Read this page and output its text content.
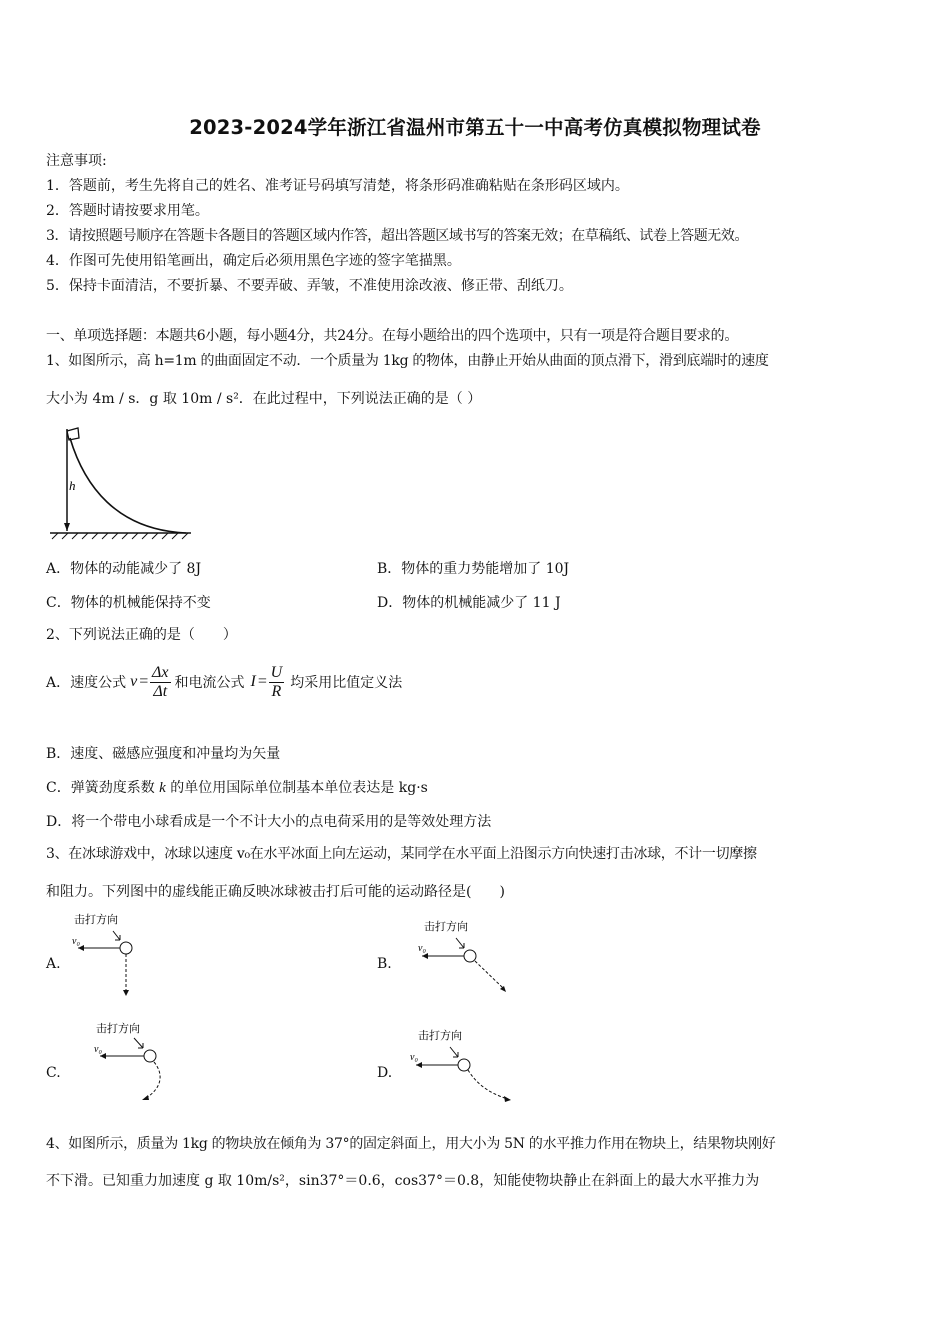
2023-2024学年浙江省温州市第五十一中高考仿真模拟物理试卷
注意事项:
1．答题前，考生先将自己的姓名、准考证号码填写清楚，将条形码准确粘贴在条形码区域内。
2．答题时请按要求用笔。
3．请按照题号顺序在答题卡各题目的答题区域内作答，超出答题区域书写的答案无效；在草稿纸、试卷上答题无效。
4．作图可先使用铅笔画出，确定后必须用黑色字迹的签字笔描黑。
5．保持卡面清洁，不要折暴、不要弄破、弄皱，不准使用涂改液、修正带、刮纸刀。
一、单项选择题：本题共6小题，每小题4分，共24分。在每小题给出的四个选项中，只有一项是符合题目要求的。
1、如图所示，高 h=1m 的曲面固定不动．一个质量为 1kg 的物体，由静止开始从曲面的顶点滑下，滑到底端时的速度
大小为 4m / s．g 取 10m / s²．在此过程中，下列说法正确的是（ ）
h
A．物体的动能减少了 8J	B．物体的重力势能增加了 10J
C．物体的机械能保持不变	D．物体的机械能减少了 11 J
2、下列说法正确的是（　　）
A．速度公式 $v = \frac{\Delta x}{\Delta t}$ 和电流公式 $I = \frac{U}{R}$ 均采用比值定义法
B．速度、磁感应强度和冲量均为矢量
C．弹簧劲度系数 k 的单位用国际单位制基本单位表达是 kg·s
D．将一个带电小球看成是一个不计大小的点电荷采用的是等效处理方法
3、在冰球游戏中，冰球以速度 v₀在水平冰面上向左运动，某同学在水平面上沿图示方向快速打击冰球，不计一切摩擦
和阻力。下列图中的虚线能正确反映冰球被击打后可能的运动路径是(　　)
A.
击打方向
v₀
B.
击打方向
v₀
C.
击打方向
v₀
D.
击打方向
v₀
4、如图所示，质量为 1kg 的物块放在倾角为 37°的固定斜面上，用大小为 5N 的水平推力作用在物块上，结果物块刚好
不下滑。已知重力加速度 g 取 10m/s²，sin37°＝0.6，cos37°＝0.8，知能使物块静止在斜面上的最大水平推力为
